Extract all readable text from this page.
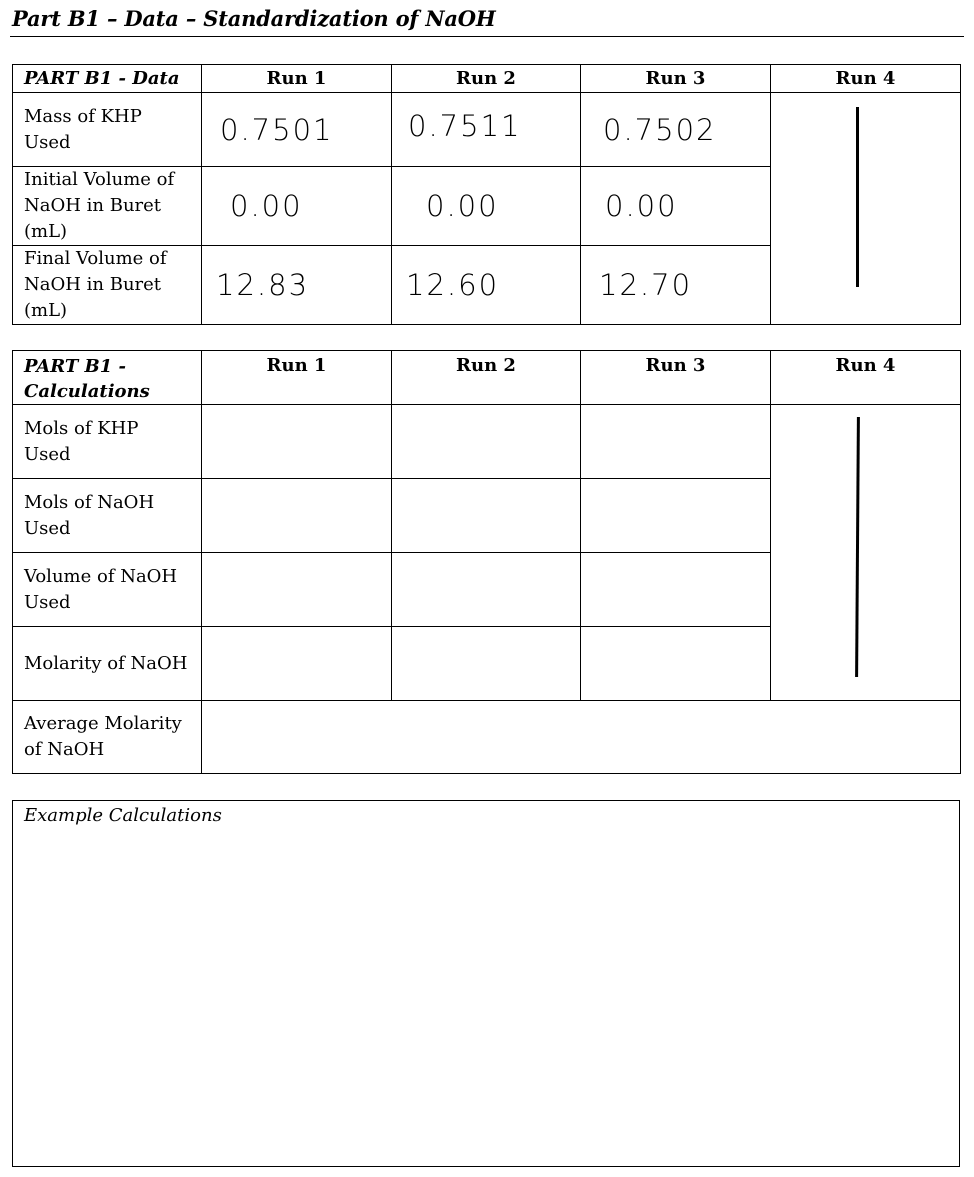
Part B1 – Data – Standardization of NaOH
PART B1 - Data	Run 1	Run 2	Run 3	Run 4

Mass of KHP
Used	0.7501	0.7511	0.7502	

Initial Volume of
NaOH in Buret
(mL)	0.00	0.00	0.00	

Final Volume of
NaOH in Buret
(mL)	12.83	12.60	12.70	
PART B1 -
Calculations	Run 1	Run 2	Run 3	Run 4

Mols of KHP
Used				

Mols of NaOH
Used				

Volume of NaOH
Used				

Molarity of NaOH				

Average Molarity
of NaOH				

Example Calculations
